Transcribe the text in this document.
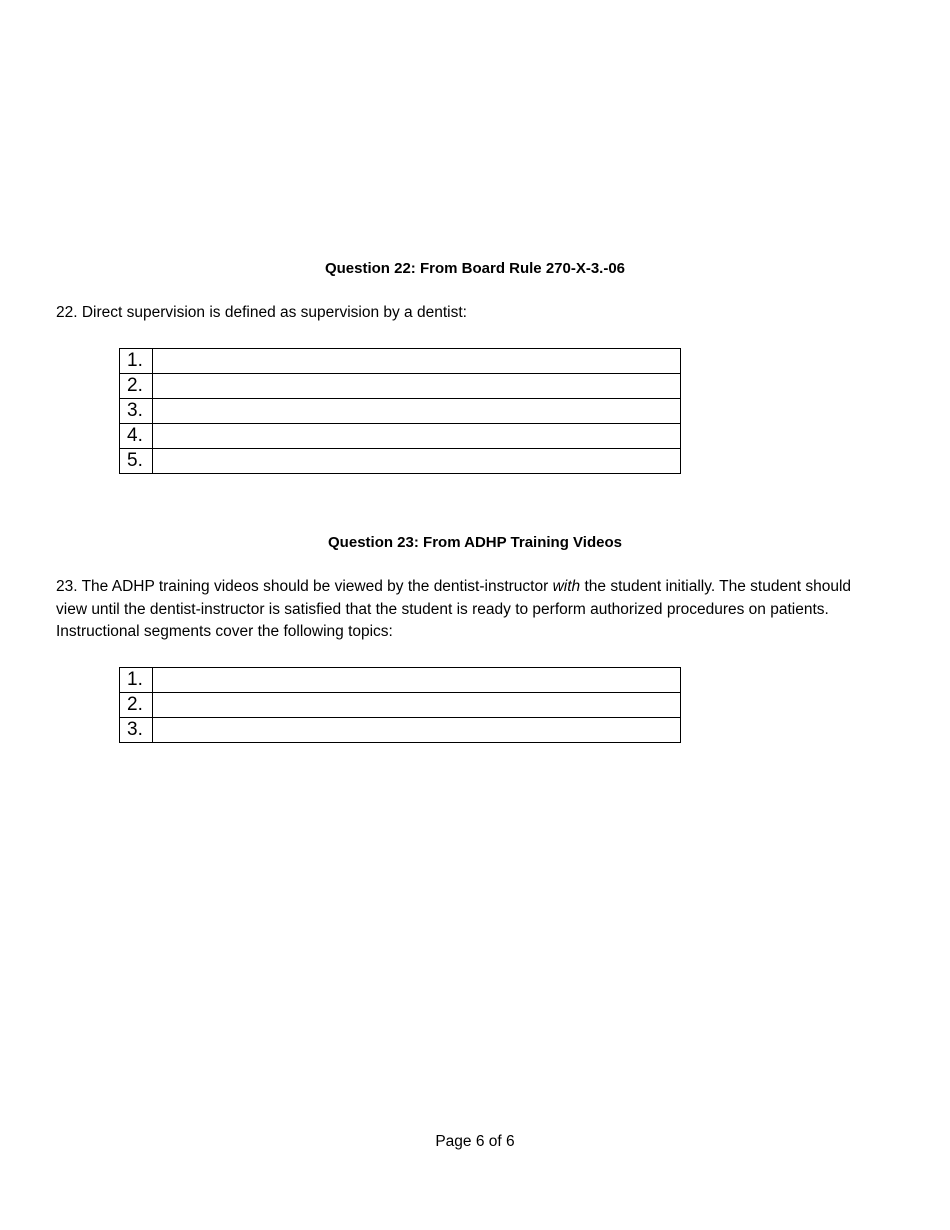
Question 22: From Board Rule 270-X-3.-06
22. Direct supervision is defined as supervision by a dentist:
1.	
2.	
3.	
4.	
5.	
Question 23: From ADHP Training Videos
23. The ADHP training videos should be viewed by the dentist-instructor with the student initially. The student should view until the dentist-instructor is satisfied that the student is ready to perform authorized procedures on patients. Instructional segments cover the following topics:
1.	
2.	
3.	
Page 6 of 6
